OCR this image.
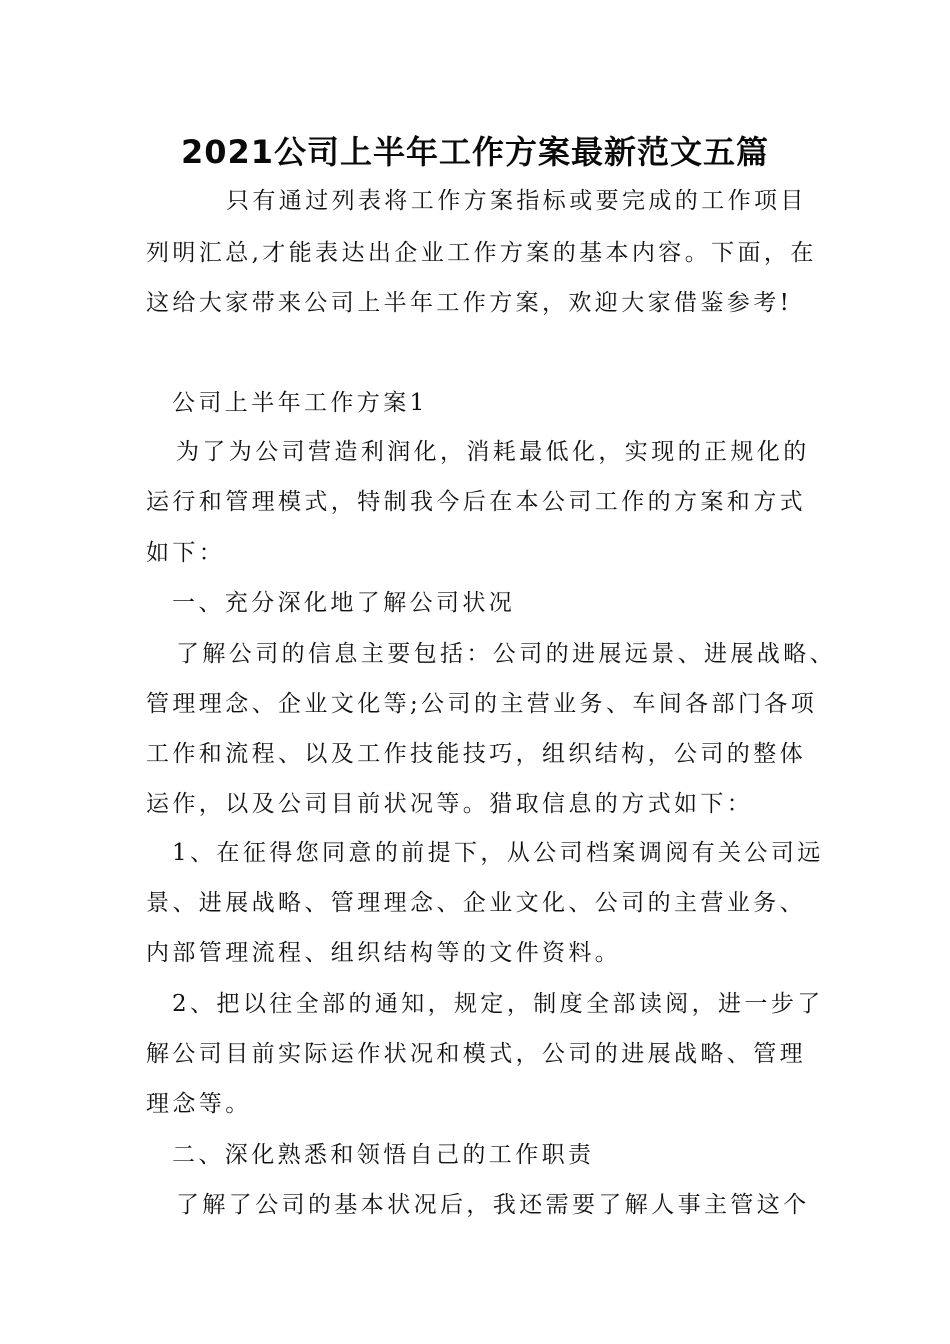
2021公司上半年工作方案最新范文五篇
只有通过列表将工作方案指标或要完成的工作项目
列明汇总,才能表达出企业工作方案的基本内容。下面，在
这给大家带来公司上半年工作方案，欢迎大家借鉴参考!
公司上半年工作方案1
为了为公司营造利润化，消耗最低化，实现的正规化的
运行和管理模式，特制我今后在本公司工作的方案和方式
如下：
一、充分深化地了解公司状况
了解公司的信息主要包括：公司的进展远景、进展战略、
管理理念、企业文化等;公司的主营业务、车间各部门各项
工作和流程、以及工作技能技巧，组织结构，公司的整体
运作，以及公司目前状况等。猎取信息的方式如下：
1、在征得您同意的前提下，从公司档案调阅有关公司远
景、进展战略、管理理念、企业文化、公司的主营业务、
内部管理流程、组织结构等的文件资料。
2、把以往全部的通知，规定，制度全部读阅，进一步了
解公司目前实际运作状况和模式，公司的进展战略、管理
理念等。
二、深化熟悉和领悟自己的工作职责
了解了公司的基本状况后，我还需要了解人事主管这个
